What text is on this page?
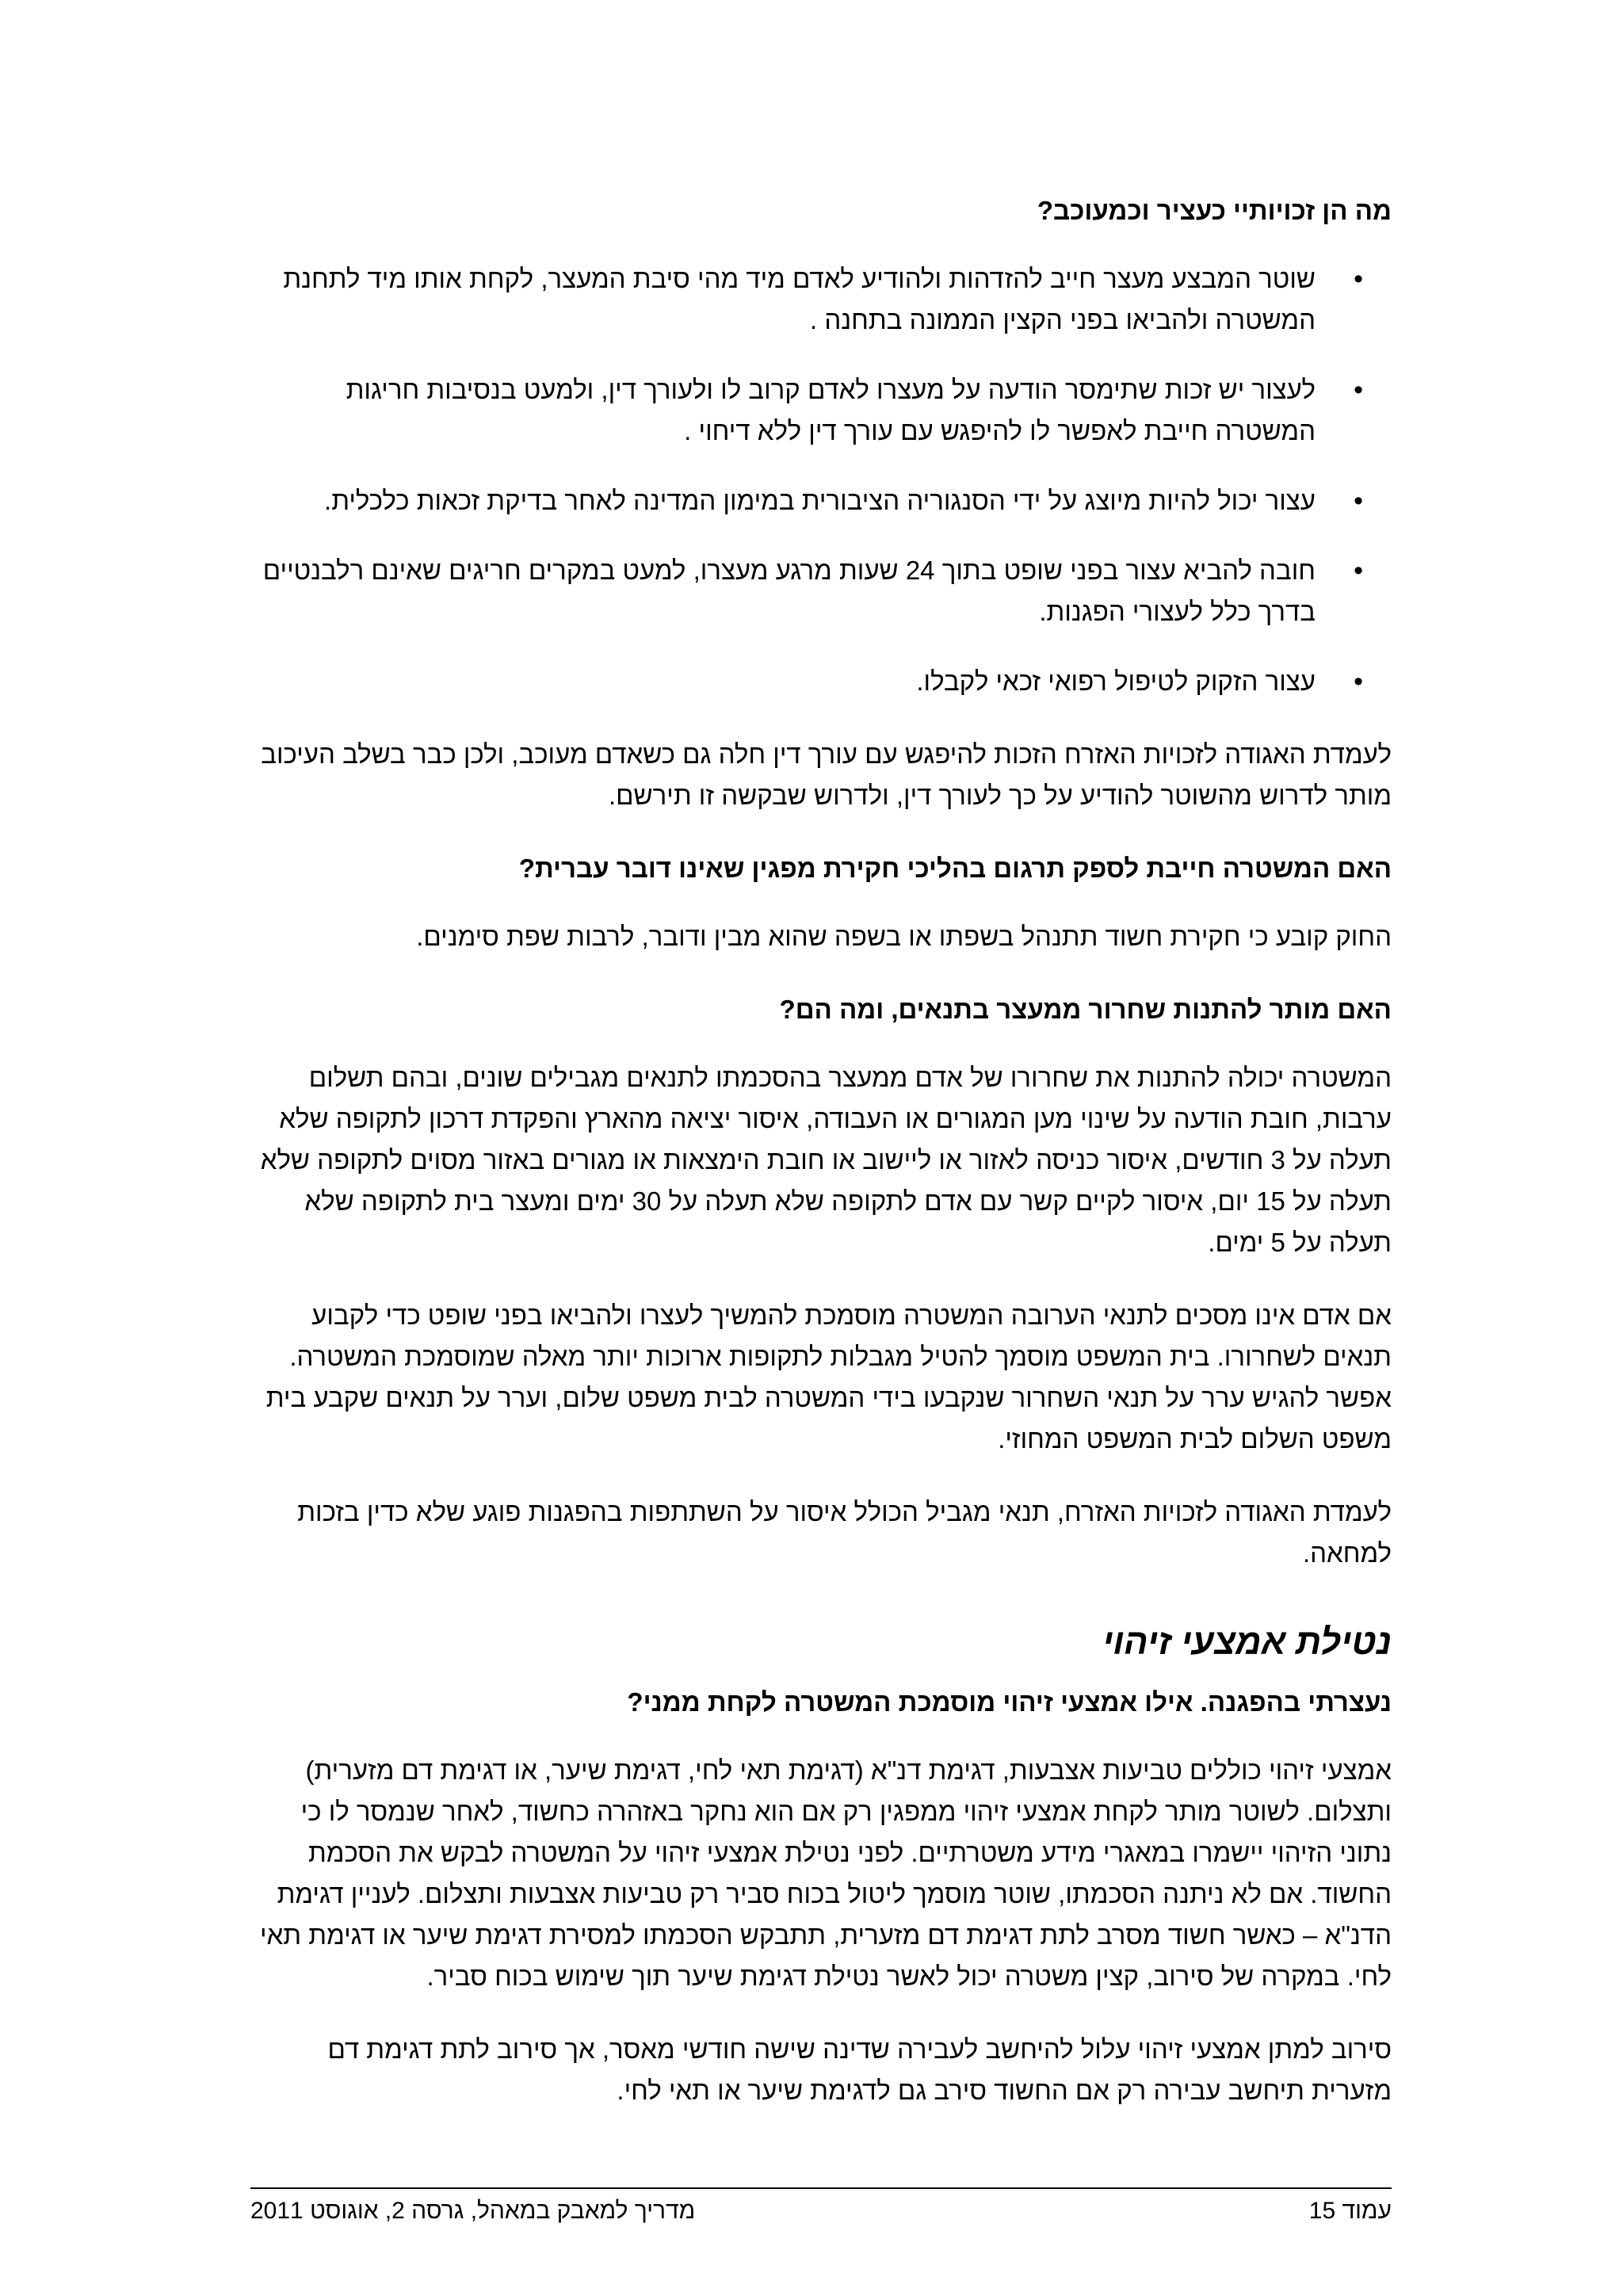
מה הן זכויותיי כעציר וכמעוכב?
• שוטר המבצע מעצר חייב להזדהות ולהודיע לאדם מיד מהי סיבת המעצר, לקחת אותו מיד לתחנת המשטרה ולהביאו בפני הקצין הממונה בתחנה .
• לעצור יש זכות שתימסר הודעה על מעצרו לאדם קרוב לו ולעורך דין, ולמעט בנסיבות חריגות המשטרה חייבת לאפשר לו להיפגש עם עורך דין ללא דיחוי .
• עצור יכול להיות מיוצג על ידי הסנגוריה הציבורית במימון המדינה לאחר בדיקת זכאות כלכלית.
• חובה להביא עצור בפני שופט בתוך 24 שעות מרגע מעצרו, למעט במקרים חריגים שאינם רלבנטיים בדרך כלל לעצורי הפגנות.
• עצור הזקוק לטיפול רפואי זכאי לקבלו.

לעמדת האגודה לזכויות האזרח הזכות להיפגש עם עורך דין חלה גם כשאדם מעוכב, ולכן כבר בשלב העיכוב מותר לדרוש מהשוטר להודיע על כך לעורך דין, ולדרוש שבקשה זו תירשם.

האם המשטרה חייבת לספק תרגום בהליכי חקירת מפגין שאינו דובר עברית?

החוק קובע כי חקירת חשוד תתנהל בשפתו או בשפה שהוא מבין ודובר, לרבות שפת סימנים.

האם מותר להתנות שחרור ממעצר בתנאים, ומה הם?

המשטרה יכולה להתנות את שחרורו של אדם ממעצר בהסכמתו לתנאים מגבילים שונים, ובהם תשלום ערבות, חובת הודעה על שינוי מען המגורים או העבודה, איסור יציאה מהארץ והפקדת דרכון לתקופה שלא תעלה על 3 חודשים, איסור כניסה לאזור או ליישוב או חובת הימצאות או מגורים באזור מסוים לתקופה שלא תעלה על 15 יום, איסור לקיים קשר עם אדם לתקופה שלא תעלה על 30 ימים ומעצר בית לתקופה שלא תעלה על 5 ימים.

אם אדם אינו מסכים לתנאי הערובה המשטרה מוסמכת להמשיך לעצרו ולהביאו בפני שופט כדי לקבוע תנאים לשחרורו. בית המשפט מוסמך להטיל מגבלות לתקופות ארוכות יותר מאלה שמוסמכת המשטרה. אפשר להגיש ערר על תנאי השחרור שנקבעו בידי המשטרה לבית משפט שלום, וערר על תנאים שקבע בית משפט השלום לבית המשפט המחוזי.

לעמדת האגודה לזכויות האזרח, תנאי מגביל הכולל איסור על השתתפות בהפגנות פוגע שלא כדין בזכות למחאה.

נטילת אמצעי זיהוי
נעצרתי בהפגנה. אילו אמצעי זיהוי מוסמכת המשטרה לקחת ממני?

אמצעי זיהוי כוללים טביעות אצבעות, דגימת דנ"א (דגימת תאי לחי, דגימת שיער, או דגימת דם מזערית) ותצלום. לשוטר מותר לקחת אמצעי זיהוי ממפגין רק אם הוא נחקר באזהרה כחשוד, לאחר שנמסר לו כי נתוני הזיהוי יישמרו במאגרי מידע משטרתיים. לפני נטילת אמצעי זיהוי על המשטרה לבקש את הסכמת החשוד. אם לא ניתנה הסכמתו, שוטר מוסמך ליטול בכוח סביר רק טביעות אצבעות ותצלום. לעניין דגימת הדנ"א – כאשר חשוד מסרב לתת דגימת דם מזערית, תתבקש הסכמתו למסירת דגימת שיער או דגימת תאי לחי. במקרה של סירוב, קצין משטרה יכול לאשר נטילת דגימת שיער תוך שימוש בכוח סביר.

סירוב למתן אמצעי זיהוי עלול להיחשב לעבירה שדינה שישה חודשי מאסר, אך סירוב לתת דגימת דם מזערית תיחשב עבירה רק אם החשוד סירב גם לדגימת שיער או תאי לחי.

עמוד 15
מדריך למאבק במאהל, גרסה 2, אוגוסט 2011
